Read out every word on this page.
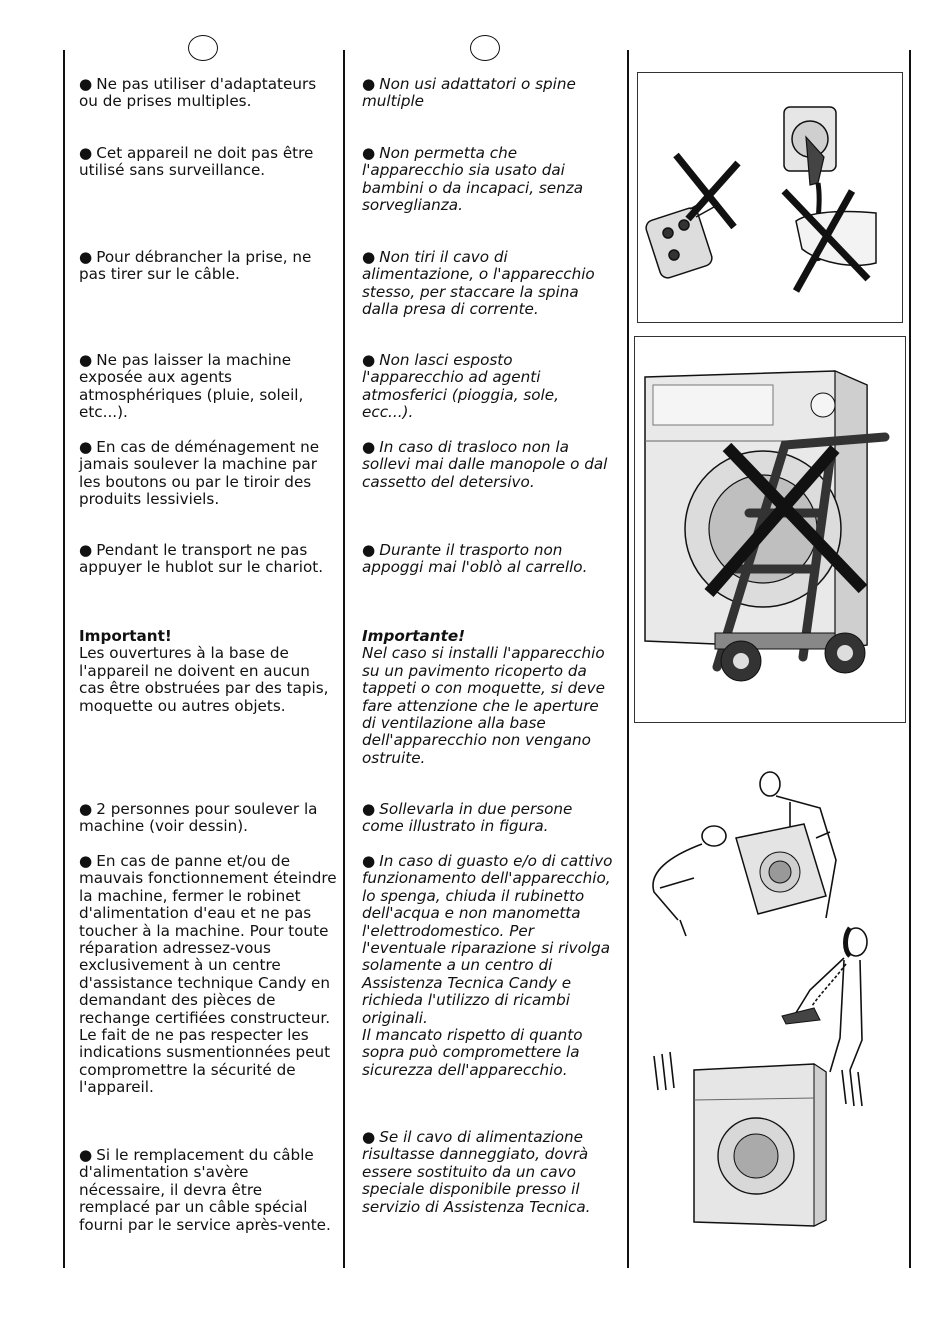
● Ne pas utiliser d'adaptateurs ou de prises multiples.

● Cet appareil ne doit pas être utilisé sans surveillance.

● Pour débrancher la prise, ne pas tirer sur le câble.

● Ne pas laisser la machine exposée aux agents atmosphériques (pluie, soleil, etc...).

● En cas de déménagement ne jamais soulever la machine par les boutons ou par le tiroir des produits lessiviels.

● Pendant le transport ne pas appuyer le hublot sur le chariot.

Important!
Les ouvertures à la base de l'appareil ne doivent en aucun cas être obstruées par des tapis, moquette ou autres objets.

● 2 personnes pour soulever la machine (voir dessin).

● En cas de panne et/ou de mauvais fonctionnement éteindre la machine, fermer le robinet d'alimentation d'eau et ne pas toucher à la machine. Pour toute réparation adressez-vous exclusivement à un centre d'assistance technique Candy en demandant des pièces de rechange certifiées constructeur. Le fait de ne pas respecter les indications susmentionnées peut compromettre la sécurité de l'appareil.

● Si le remplacement du câble d'alimentation s'avère nécessaire, il devra être remplacé par un câble spécial fourni par le service après-vente.

● Non usi adattatori o spine multiple

● Non permetta che l'apparecchio sia usato dai bambini o da incapaci, senza sorveglianza.

● Non tiri il cavo di alimentazione, o l'apparecchio stesso, per staccare la spina dalla presa di corrente.

● Non lasci esposto l'apparecchio ad agenti atmosferici (pioggia, sole, ecc...).

● In caso di trasloco non la sollevi mai dalle manopole o dal cassetto del detersivo.

● Durante il trasporto non appoggi mai l'oblò al carrello.

Importante!
Nel caso si installi l'apparecchio su un pavimento ricoperto da tappeti o con moquette, si deve fare attenzione che le aperture di ventilazione alla base dell'apparecchio non vengano ostruite.

● Sollevarla in due persone come illustrato in figura.

● In caso di guasto e/o di cattivo funzionamento dell'apparecchio, lo spenga, chiuda il rubinetto dell'acqua e non manometta l'elettrodomestico. Per l'eventuale riparazione si rivolga solamente a un centro di Assistenza Tecnica Candy e richieda l'utilizzo di ricambi originali.
Il mancato rispetto di quanto sopra può compromettere la sicurezza dell'apparecchio.

● Se il cavo di alimentazione risultasse danneggiato, dovrà essere sostituito da un cavo speciale disponibile presso il servizio di Assistenza Tecnica.
